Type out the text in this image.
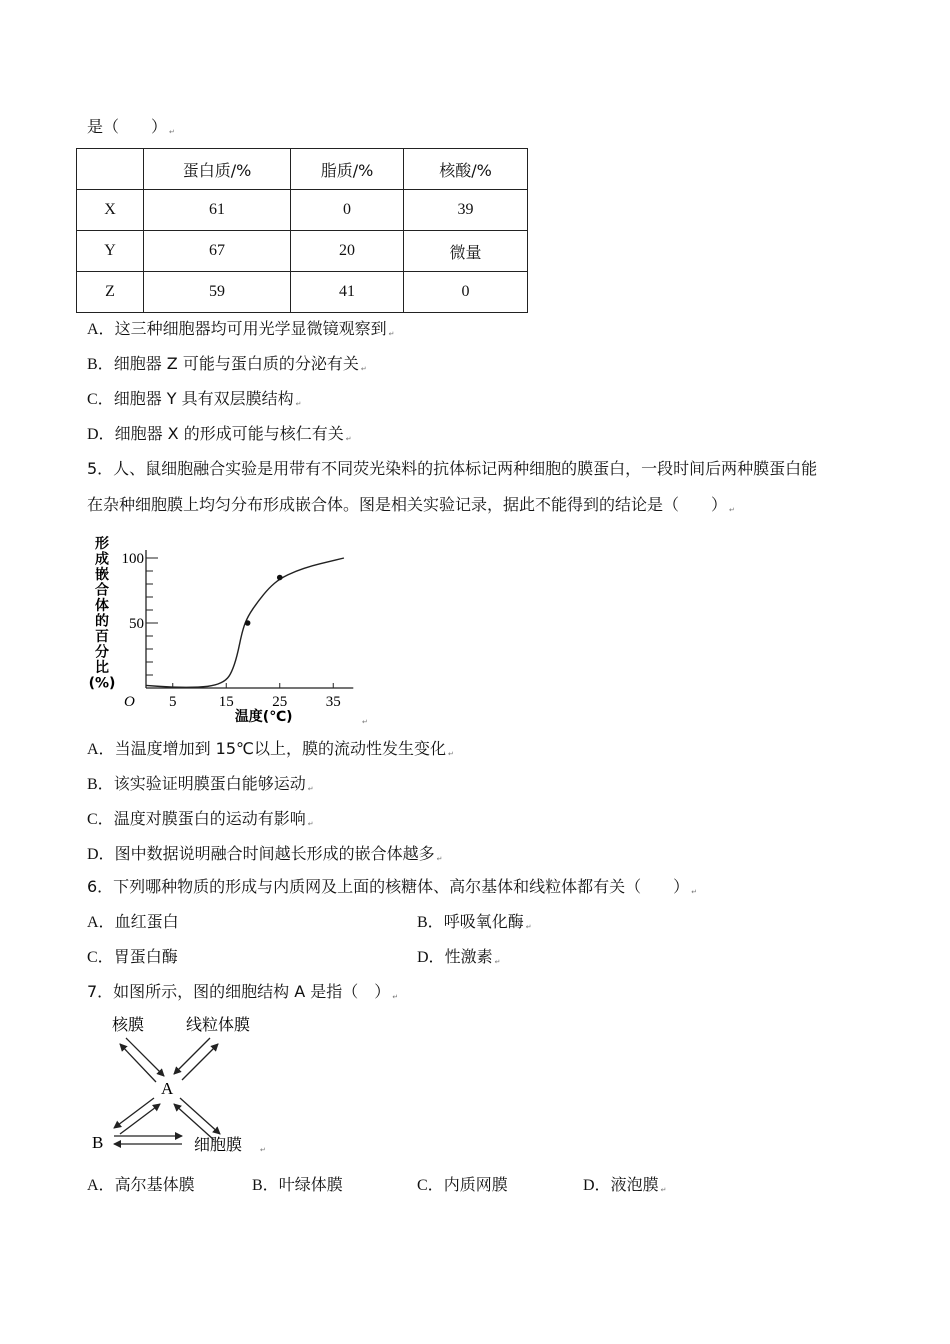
是（　　） ↵
	蛋白质/%	脂质/%	核酸/%
X	61	0	39
Y	67	20	微量
Z	59	41	0
A．这三种细胞器均可用光学显微镜观察到 ↵
B．细胞器 Z 可能与蛋白质的分泌有关 ↵
C．细胞器 Y 具有双层膜结构 ↵
D．细胞器 X 的形成可能与核仁有关 ↵
5．人、鼠细胞融合实验是用带有不同荧光染料的抗体标记两种细胞的膜蛋白，一段时间后两种膜蛋白能
在杂种细胞膜上均匀分布形成嵌合体。图是相关实验记录，据此不能得到的结论是（　　） ↵
形成嵌合体的百分比(%)
5	15	25	35
50
100
O
温度(℃)	↵
A．当温度增加到 15℃以上，膜的流动性发生变化 ↵
B．该实验证明膜蛋白能够运动 ↵
C．温度对膜蛋白的运动有影响 ↵
D．图中数据说明融合时间越长形成的嵌合体越多 ↵
6．下列哪种物质的形成与内质网及上面的核糖体、高尔基体和线粒体都有关（　　） ↵
A．血红蛋白	B．呼吸氧化酶 ↵
C．胃蛋白酶	D．性激素 ↵
7．如图所示，图的细胞结构 A 是指（　） ↵
核膜	线粒体膜
A
B	细胞膜	↵
A．高尔基体膜	B．叶绿体膜	C．内质网膜	D．液泡膜 ↵
